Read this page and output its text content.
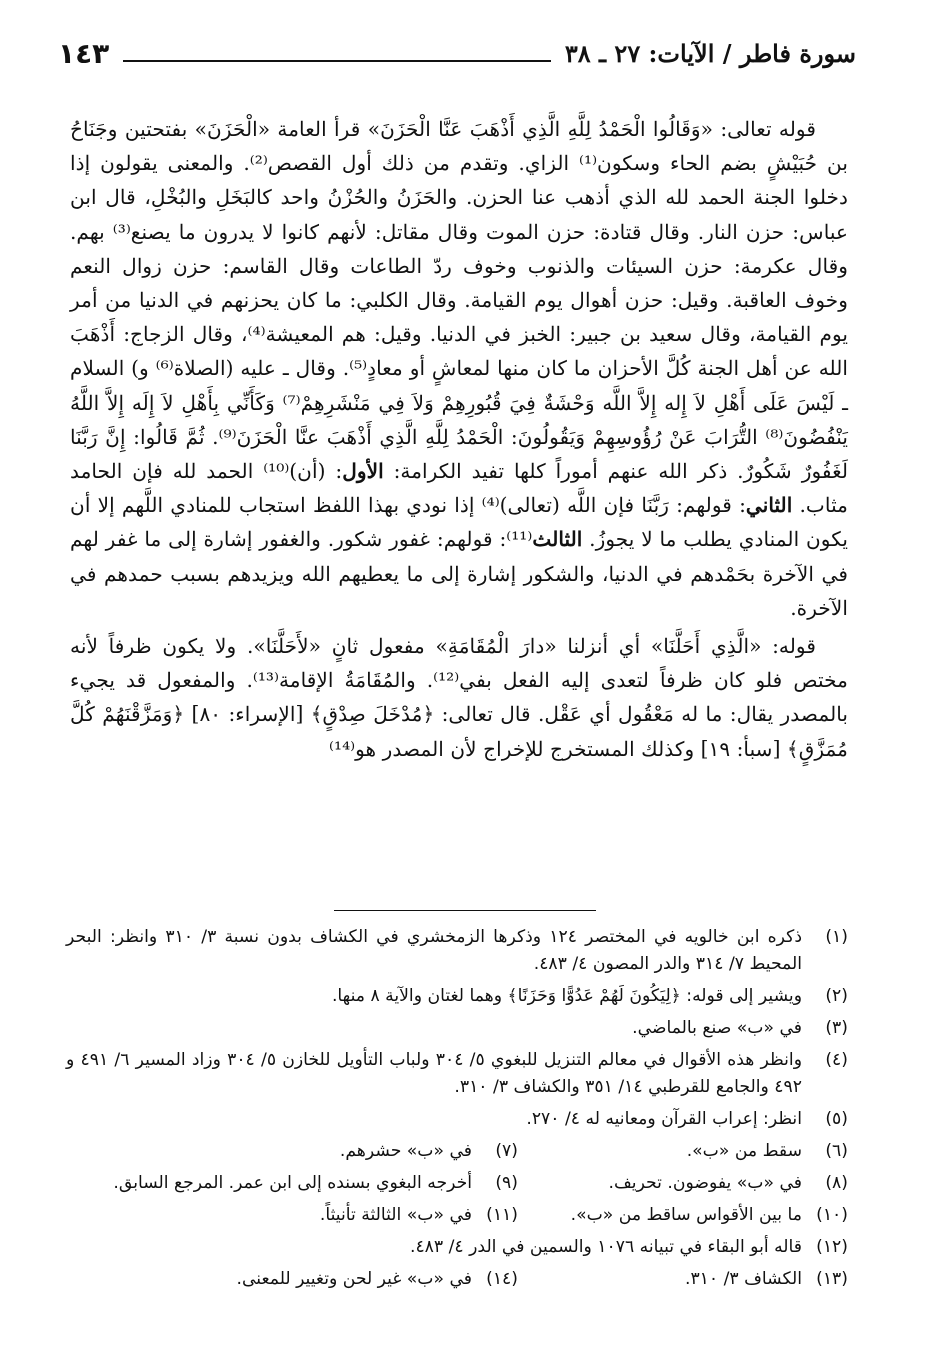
سورة فاطر / الآيات: ٢٧ ـ ٣٨
١٤٣

قوله تعالى: «وَقَالُوا الْحَمْدُ لِلَّهِ الَّذِي أَذْهَبَ عَنَّا الْحَزَنَ» قرأ العامة «الْحَزَنَ» بفتحتين وجَنَاحُ بن حُبَيْشٍ بضم الحاء وسكون⁽¹⁾ الزاي. وتقدم من ذلك أول القصص⁽²⁾. والمعنى يقولون إذا دخلوا الجنة الحمد لله الذي أذهب عنا الحزن. والحَزَنُ والحُزْنُ واحد كالبَخَلِ والبُخْلِ، قال ابن عباس: حزن النار. وقال قتادة: حزن الموت وقال مقاتل: لأنهم كانوا لا يدرون ما يصنع⁽³⁾ بهم. وقال عكرمة: حزن السيئات والذنوب وخوف ردّ الطاعات وقال القاسم: حزن زوال النعم وخوف العاقبة. وقيل: حزن أهوال يوم القيامة. وقال الكلبي: ما كان يحزنهم في الدنيا من أمر يوم القيامة، وقال سعيد بن جبير: الخبز في الدنيا. وقيل: هم المعيشة⁽⁴⁾، وقال الزجاج: أَذْهَبَ الله عن أهل الجنة كُلَّ الأحزان ما كان منها لمعاشٍ أو معادٍ⁽⁵⁾. وقال ـ عليه (الصلاة⁽⁶⁾ و) السلام ـ لَيْسَ عَلَى أَهْلِ لاَ إِله إِلاَّ اللَّه وَحْشَةٌ فِيَ قُبُورِهِمْ وَلاَ فِي مَنْشَرِهِمْ⁽⁷⁾ وَكَأَنِّي بِأَهْلِ لاَ إِلَه إِلاَّ اللَّهُ يَنْفُضُونَ⁽⁸⁾ التُّرَابَ عَنْ رُؤُوسِهِمْ وَيَقُولُونَ: الْحَمْدُ لِلَّهِ الَّذِي أَذْهَبَ عنَّا الْحَزَنَ⁽⁹⁾. ثُمَّ قَالُوا: إِنَّ رَبَّنَا لَغَفُورٌ شَكُورٌ. ذكر الله عنهم أموراً كلها تفيد الكرامة: الأول: (أن)⁽¹⁰⁾ الحمد لله فإن الحامد مثاب. الثاني: قولهم: رَبَّنَا فإن اللَّه (تعالى)⁽⁴⁾ إذا نودي بهذا اللفظ استجاب للمنادي اللَّهم إلا أن يكون المنادي يطلب ما لا يجوزُ. الثالث⁽¹¹⁾: قولهم: غفور شكور. والغفور إشارة إلى ما غفر لهم في الآخرة بحَمْدهم في الدنيا، والشكور إشارة إلى ما يعطيهم الله ويزيدهم بسبب حمدهم في الآخرة.

قوله: «الَّذِي أَحَلَّنَا» أي أنزلنا «دارَ الْمُقَامَةِ» مفعول ثانٍ «لأَحَلَّنَا». ولا يكون ظرفاً لأنه مختص فلو كان ظرفاً لتعدى إليه الفعل بفي⁽¹²⁾. والمُقَامَةُ الإقامة⁽¹³⁾. والمفعول قد يجيء بالمصدر يقال: ما له مَعْقُول أي عَقْل. قال تعالى: ﴿مُدْخَلَ صِدْقٍ﴾ [الإسراء: ٨٠] ﴿وَمَزَّقْنَهُمْ كُلَّ مُمَزَّقٍ﴾ [سبأ: ١٩] وكذلك المستخرج للإخراج لأن المصدر هو⁽¹⁴⁾

(١)
ذكره ابن خالويه في المختصر ١٢٤ وذكرها الزمخشري في الكشاف بدون نسبة ٣/ ٣١٠ وانظر: البحر المحيط ٧/ ٣١٤ والدر المصون ٤/ ٤٨٣.
(٢)
ويشير إلى قوله: ﴿لِيَكُونَ لَهُمْ عَدُوًّا وَحَزَنًا﴾ وهما لغتان والآية ٨ منها.
(٣)
في «ب» صنع بالماضي.
(٤)
وانظر هذه الأقوال في معالم التنزيل للبغوي ٥/ ٣٠٤ ولباب التأويل للخازن ٥/ ٣٠٤ وزاد المسير ٦/ ٤٩١ و ٤٩٢ والجامع للقرطبي ١٤/ ٣٥١ والكشاف ٣/ ٣١٠.
(٥)
انظر: إعراب القرآن ومعانيه له ٤/ ٢٧٠.
(٦)
سقط من «ب».
(٧)
في «ب» حشرهم.
(٨)
في «ب» يفوضون. تحريف.
(٩)
أخرجه البغوي بسنده إلى ابن عمر. المرجع السابق.
(١٠)
ما بين الأقواس ساقط من «ب».
(١١)
في «ب» الثالثة تأنيثاً.
(١٢)
قاله أبو البقاء في تبيانه ١٠٧٦ والسمين في الدر ٤/ ٤٨٣.
(١٣)
الكشاف ٣/ ٣١٠.
(١٤)
في «ب» غير لحن وتغيير للمعنى.
